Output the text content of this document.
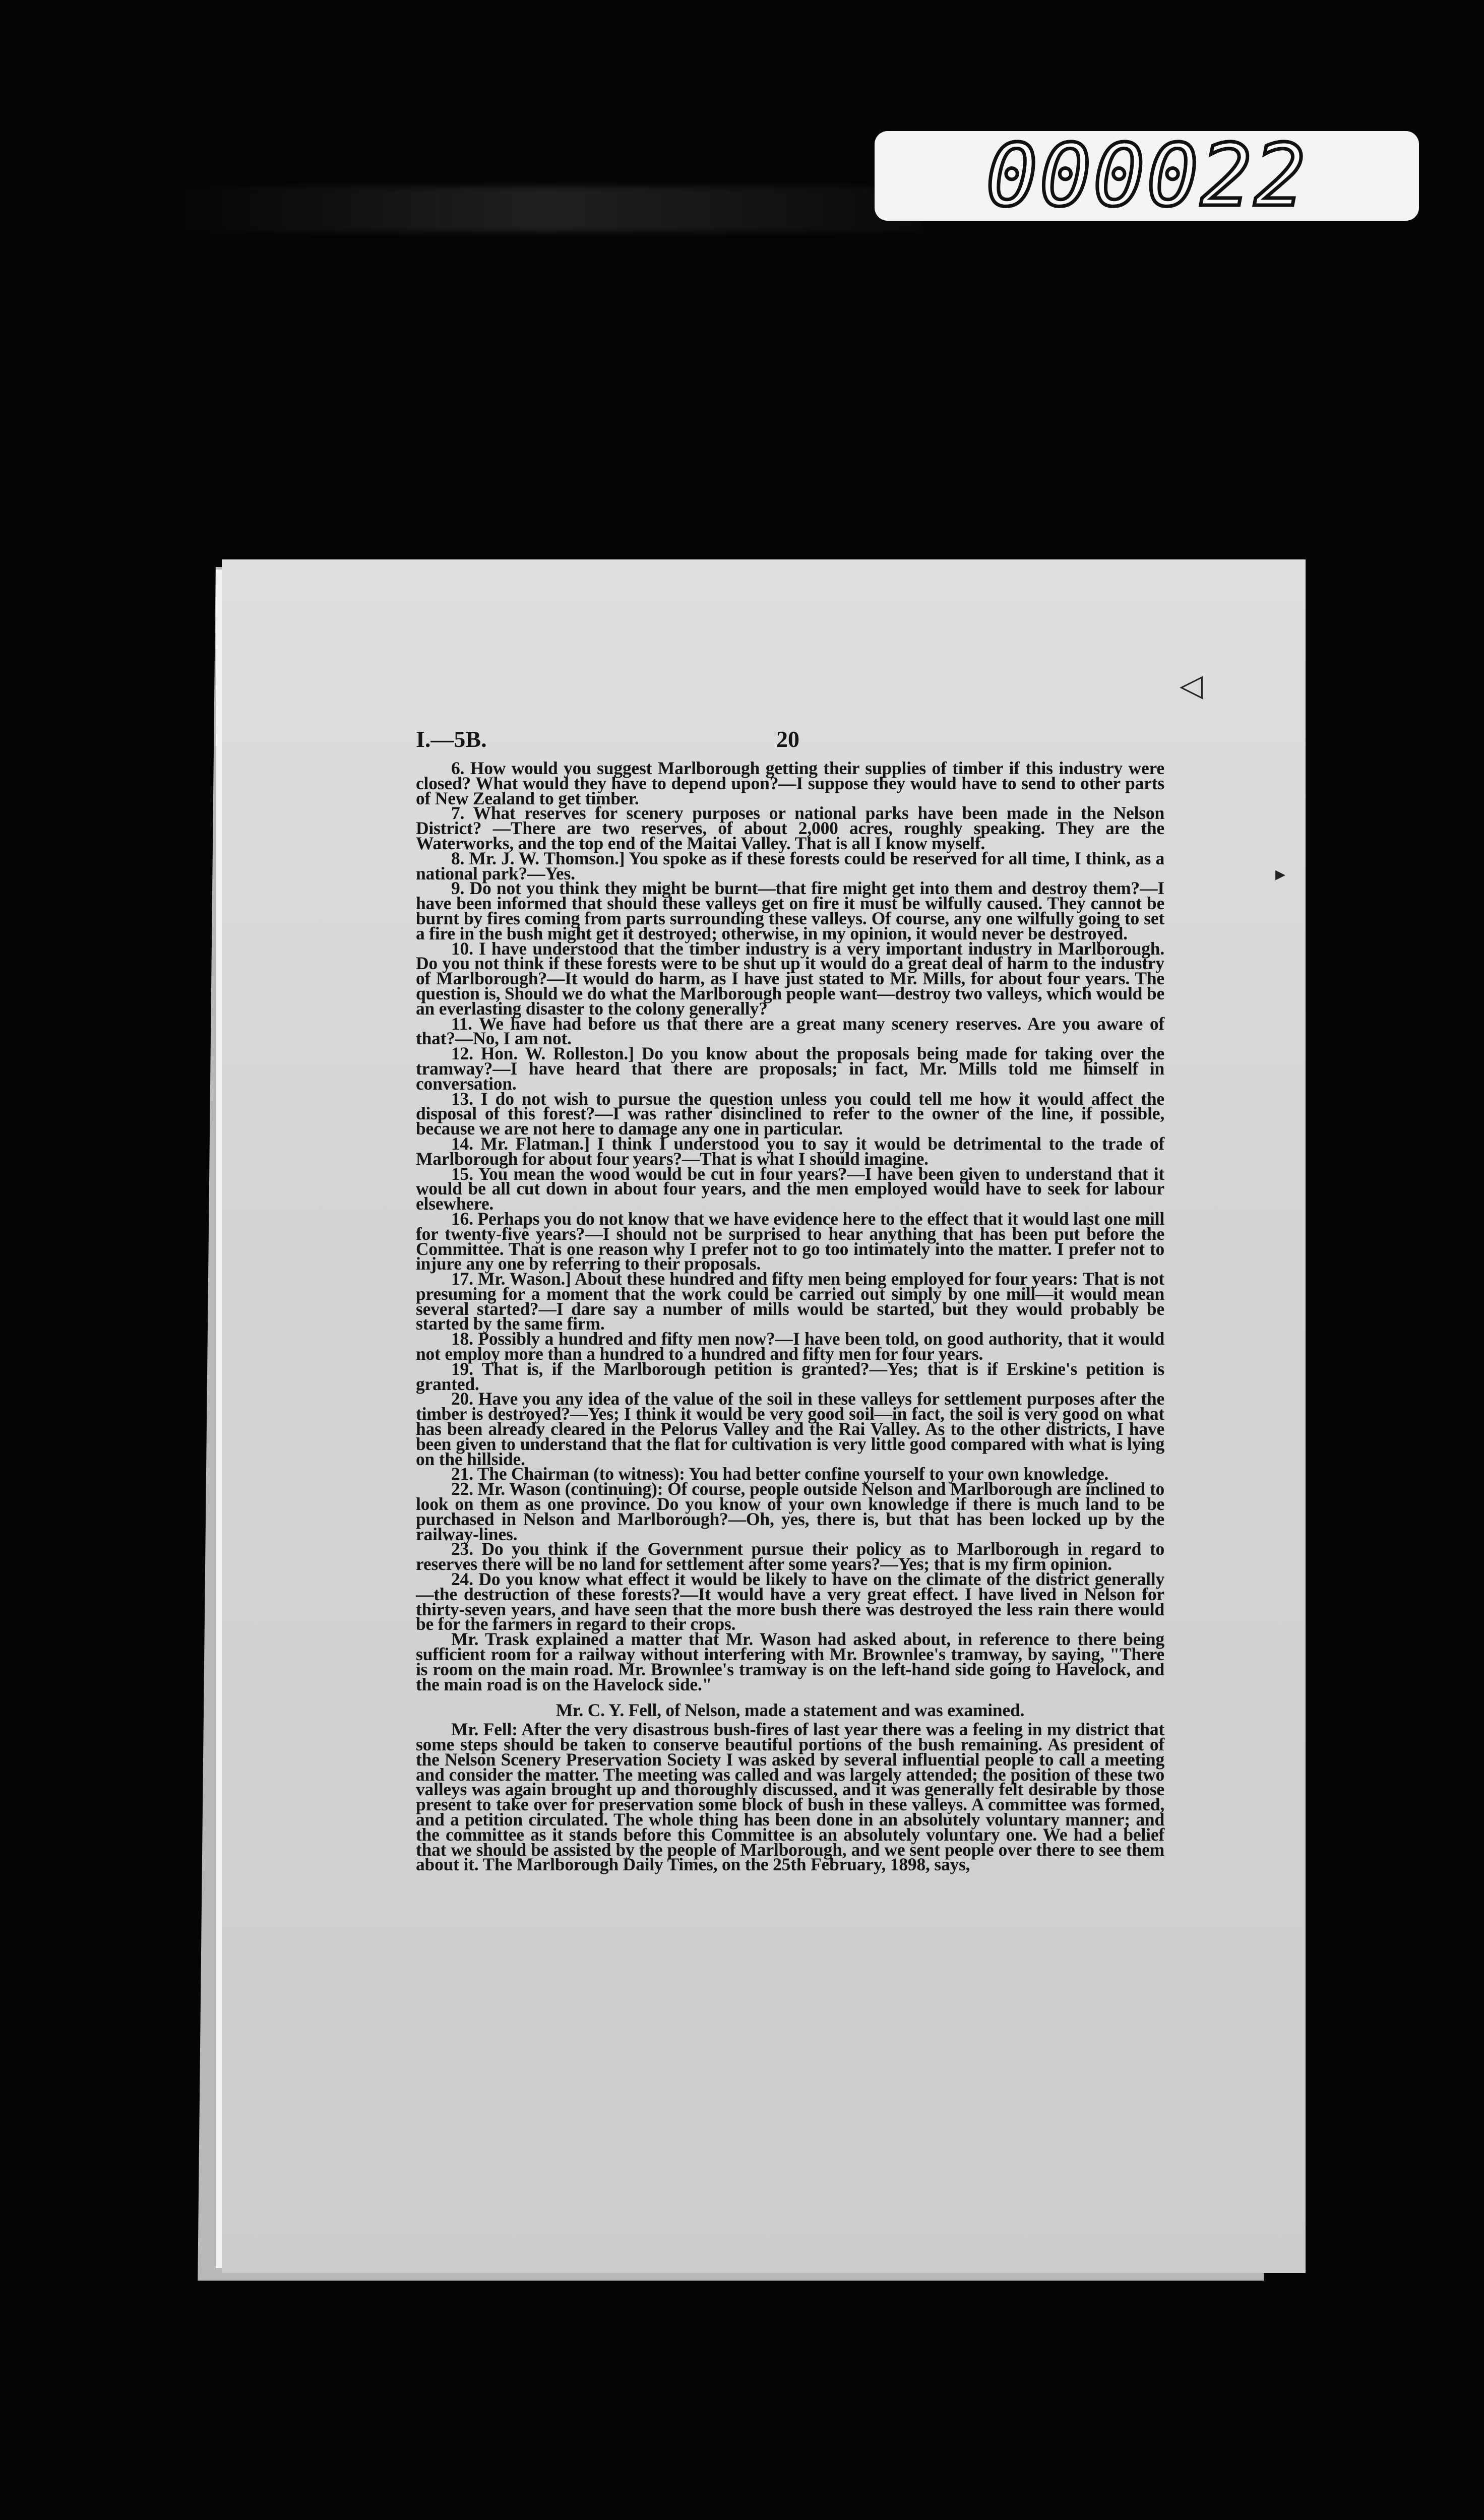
000022
I.—5B.	20

6. How would you suggest Marlborough getting their supplies of timber if this industry were closed? What would they have to depend upon?—I suppose they would have to send to other parts of New Zealand to get timber.

7. What reserves for scenery purposes or national parks have been made in the Nelson District? —There are two reserves, of about 2,000 acres, roughly speaking. They are the Waterworks, and the top end of the Maitai Valley. That is all I know myself.

8. Mr. J. W. Thomson.] You spoke as if these forests could be reserved for all time, I think, as a national park?—Yes.

9. Do not you think they might be burnt—that fire might get into them and destroy them?—I have been informed that should these valleys get on fire it must be wilfully caused. They cannot be burnt by fires coming from parts surrounding these valleys. Of course, any one wilfully going to set a fire in the bush might get it destroyed; otherwise, in my opinion, it would never be destroyed.

10. I have understood that the timber industry is a very important industry in Marlborough. Do you not think if these forests were to be shut up it would do a great deal of harm to the industry of Marlborough?—It would do harm, as I have just stated to Mr. Mills, for about four years. The question is, Should we do what the Marlborough people want—destroy two valleys, which would be an everlasting disaster to the colony generally?

11. We have had before us that there are a great many scenery reserves. Are you aware of that?—No, I am not.

12. Hon. W. Rolleston.] Do you know about the proposals being made for taking over the tramway?—I have heard that there are proposals; in fact, Mr. Mills told me himself in conversation.

13. I do not wish to pursue the question unless you could tell me how it would affect the disposal of this forest?—I was rather disinclined to refer to the owner of the line, if possible, because we are not here to damage any one in particular.

14. Mr. Flatman.] I think I understood you to say it would be detrimental to the trade of Marlborough for about four years?—That is what I should imagine.

15. You mean the wood would be cut in four years?—I have been given to understand that it would be all cut down in about four years, and the men employed would have to seek for labour elsewhere.

16. Perhaps you do not know that we have evidence here to the effect that it would last one mill for twenty-five years?—I should not be surprised to hear anything that has been put before the Committee. That is one reason why I prefer not to go too intimately into the matter. I prefer not to injure any one by referring to their proposals.

17. Mr. Wason.] About these hundred and fifty men being employed for four years: That is not presuming for a moment that the work could be carried out simply by one mill—it would mean several started?—I dare say a number of mills would be started, but they would probably be started by the same firm.

18. Possibly a hundred and fifty men now?—I have been told, on good authority, that it would not employ more than a hundred to a hundred and fifty men for four years.

19. That is, if the Marlborough petition is granted?—Yes; that is if Erskine's petition is granted.

20. Have you any idea of the value of the soil in these valleys for settlement purposes after the timber is destroyed?—Yes; I think it would be very good soil—in fact, the soil is very good on what has been already cleared in the Pelorus Valley and the Rai Valley. As to the other districts, I have been given to understand that the flat for cultivation is very little good compared with what is lying on the hillside.

21. The Chairman (to witness): You had better confine yourself to your own knowledge.

22. Mr. Wason (continuing): Of course, people outside Nelson and Marlborough are inclined to look on them as one province. Do you know of your own knowledge if there is much land to be purchased in Nelson and Marlborough?—Oh, yes, there is, but that has been locked up by the railway-lines.

23. Do you think if the Government pursue their policy as to Marlborough in regard to reserves there will be no land for settlement after some years?—Yes; that is my firm opinion.

24. Do you know what effect it would be likely to have on the climate of the district generally —the destruction of these forests?—It would have a very great effect. I have lived in Nelson for thirty-seven years, and have seen that the more bush there was destroyed the less rain there would be for the farmers in regard to their crops.

Mr. Trask explained a matter that Mr. Wason had asked about, in reference to there being sufficient room for a railway without interfering with Mr. Brownlee's tramway, by saying, "There is room on the main road. Mr. Brownlee's tramway is on the left-hand side going to Havelock, and the main road is on the Havelock side."

Mr. C. Y. Fell, of Nelson, made a statement and was examined.

Mr. Fell: After the very disastrous bush-fires of last year there was a feeling in my district that some steps should be taken to conserve beautiful portions of the bush remaining. As president of the Nelson Scenery Preservation Society I was asked by several influential people to call a meeting and consider the matter. The meeting was called and was largely attended; the position of these two valleys was again brought up and thoroughly discussed, and it was generally felt desirable by those present to take over for preservation some block of bush in these valleys. A committee was formed, and a petition circulated. The whole thing has been done in an absolutely voluntary manner; and the committee as it stands before this Committee is an absolutely voluntary one. We had a belief that we should be assisted by the people of Marlborough, and we sent people over there to see them about it. The Marlborough Daily Times, on the 25th February, 1898, says,

◁
▸
